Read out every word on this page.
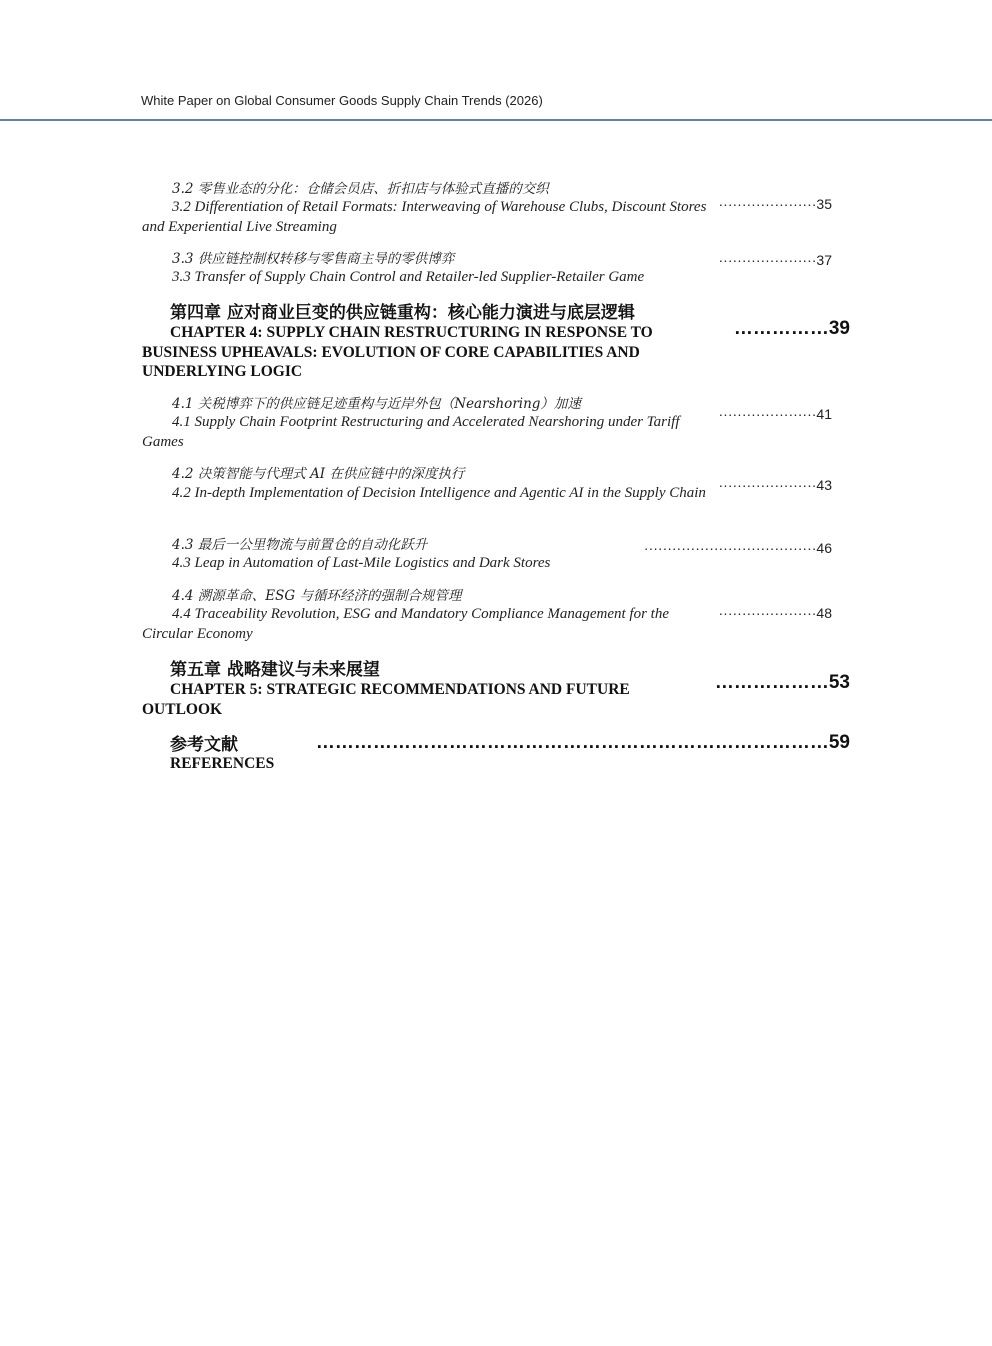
White Paper on Global Consumer Goods Supply Chain Trends (2026)
3.2 零售业态的分化：仓储会员店、折扣店与体验式直播的交织
3.2 Differentiation of Retail Formats: Interweaving of Warehouse Clubs, Discount Stores and Experiential Live Streaming
·····················35
3.3 供应链控制权转移与零售商主导的零供博弈
3.3 Transfer of Supply Chain Control and Retailer-led Supplier-Retailer Game
·····················37
第四章 应对商业巨变的供应链重构：核心能力演进与底层逻辑
CHAPTER 4: SUPPLY CHAIN RESTRUCTURING IN RESPONSE TO BUSINESS UPHEAVALS: EVOLUTION OF CORE CAPABILITIES AND UNDERLYING LOGIC
……………39
4.1 关税博弈下的供应链足迹重构与近岸外包（Nearshoring）加速
4.1 Supply Chain Footprint Restructuring and Accelerated Nearshoring under Tariff Games
·····················41
4.2 决策智能与代理式 AI 在供应链中的深度执行
4.2 In-depth Implementation of Decision Intelligence and Agentic AI in the Supply Chain ·····················43
4.3 最后一公里物流与前置仓的自动化跃升
4.3 Leap in Automation of Last-Mile Logistics and Dark Stores
·····································46
4.4 溯源革命、ESG 与循环经济的强制合规管理
4.4 Traceability Revolution, ESG and Mandatory Compliance Management for the Circular Economy
·····················48
第五章 战略建议与未来展望
CHAPTER 5: STRATEGIC RECOMMENDATIONS AND FUTURE OUTLOOK
………………53
参考文献
REFERENCES
………………………………………………………………………59
